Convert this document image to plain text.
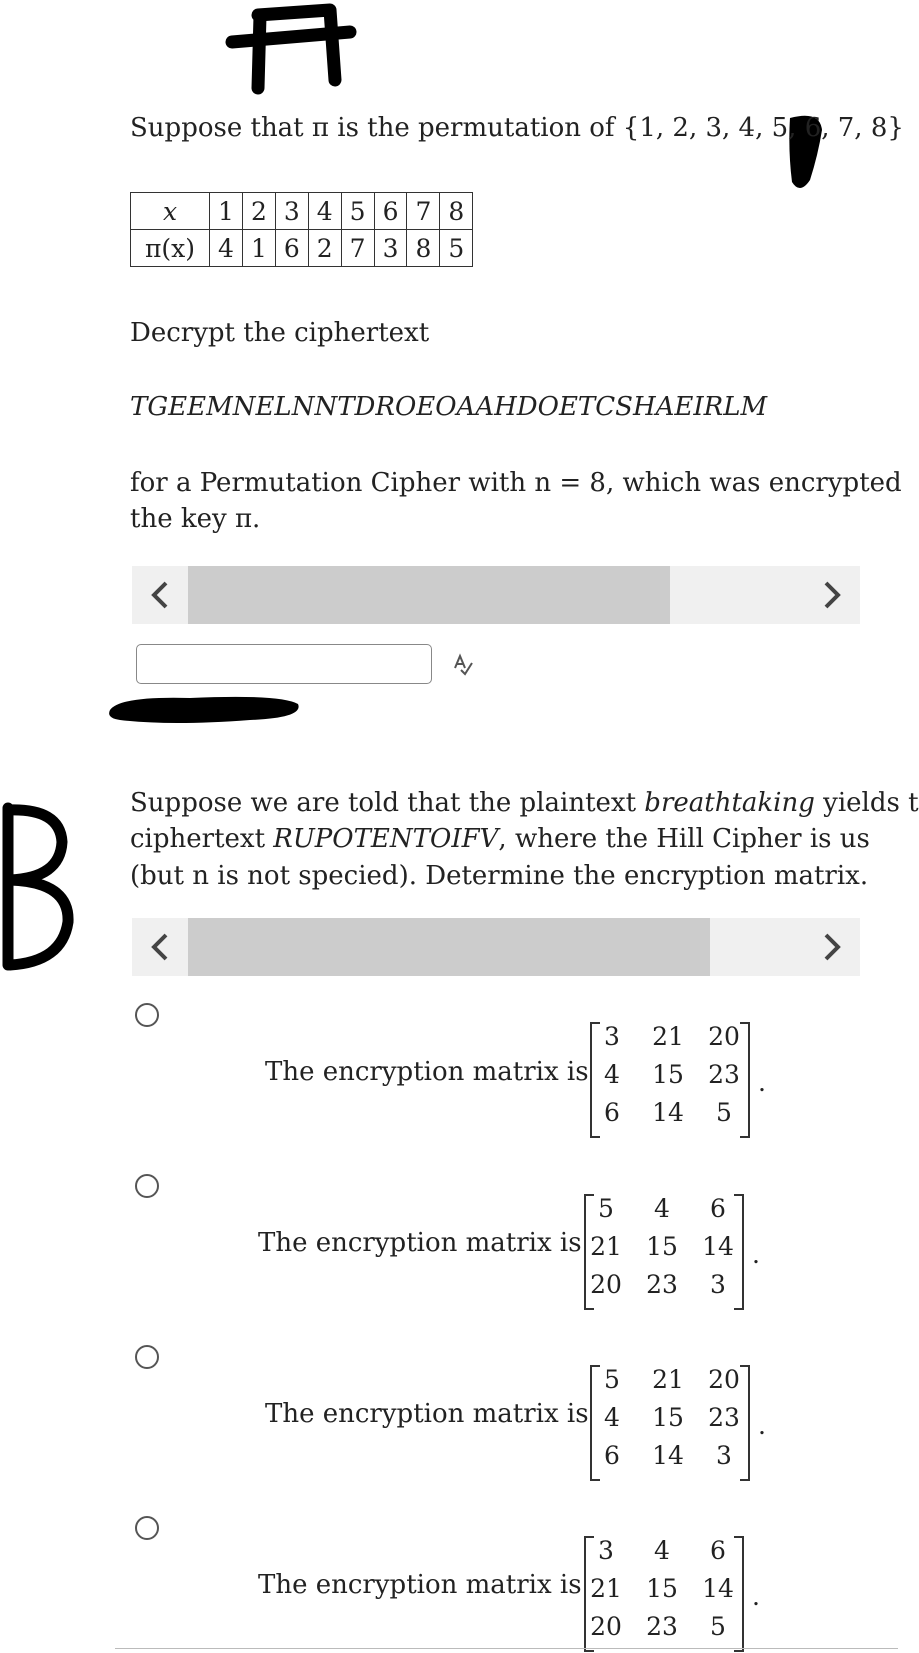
Suppose that π is the permutation of {1, 2, 3, 4, 5, 6, 7, 8}
x	1	2	3	4	5	6	7	8
π(x)	4	1	6	2	7	3	8	5
Decrypt the ciphertext
TGEEMNELNNTDROEOAAHDOETCSHAEIRLM
for a Permutation Cipher with n = 8, which was encrypted
the key π.
Suppose we are told that the plaintext breathtaking yields t
ciphertext RUPOTENTOIFV, where the Hill Cipher is us
(but n is not specied). Determine the encryption matrix.
The encryption matrix is
3	21 20
4	15 23
6	14	5
.
The encryption matrix is
5	4	6
21 15 14
20 23	3
.
The encryption matrix is
5	21 20
4	15 23
6	14	3
.
The encryption matrix is
3	4	6
21 15 14
20 23	5
.
